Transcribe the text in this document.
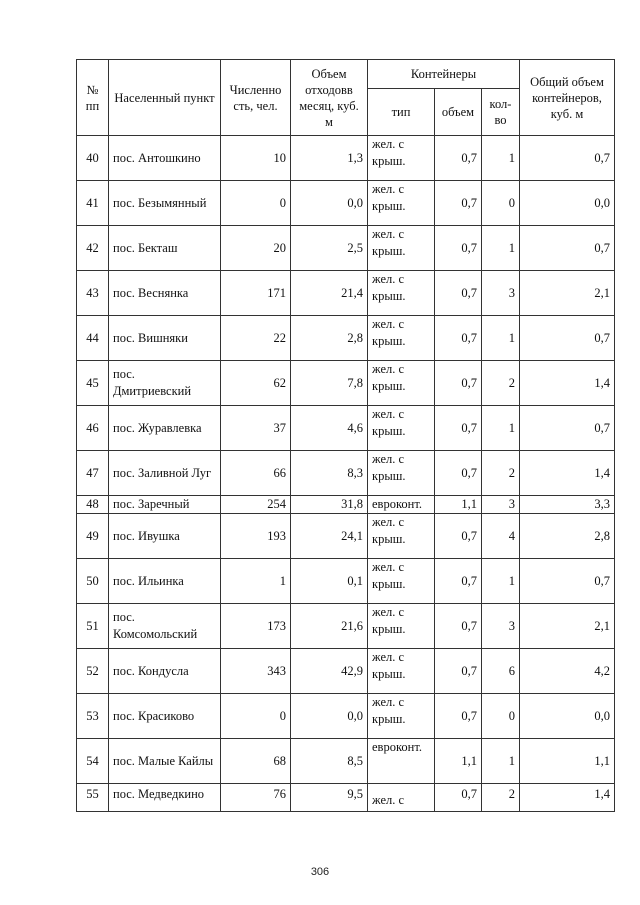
№ пп	Населенный пункт	Численно сть, чел.	Объем отходовв месяц, куб. м	Контейнеры			Общий объем контейнеров, куб. м
				тип	объем	кол-во	
40	пос. Антошкино	10	1,3	жел. с крыш.	0,7	1	0,7
41	пос. Безымянный	0	0,0	жел. с крыш.	0,7	0	0,0
42	пос. Бекташ	20	2,5	жел. с крыш.	0,7	1	0,7
43	пос. Веснянка	171	21,4	жел. с крыш.	0,7	3	2,1
44	пос. Вишняки	22	2,8	жел. с крыш.	0,7	1	0,7
45	пос. Дмитриевский	62	7,8	жел. с крыш.	0,7	2	1,4
46	пос. Журавлевка	37	4,6	жел. с крыш.	0,7	1	0,7
47	пос. Заливной Луг	66	8,3	жел. с крыш.	0,7	2	1,4
48	пос. Заречный	254	31,8	евроконт.	1,1	3	3,3
49	пос. Ивушка	193	24,1	жел. с крыш.	0,7	4	2,8
50	пос. Ильинка	1	0,1	жел. с крыш.	0,7	1	0,7
51	пос. Комсомольский	173	21,6	жел. с крыш.	0,7	3	2,1
52	пос. Кондусла	343	42,9	жел. с крыш.	0,7	6	4,2
53	пос. Красиково	0	0,0	жел. с крыш.	0,7	0	0,0
54	пос. Малые Кайлы	68	8,5	евроконт.	1,1	1	1,1
55	пос. Медведкино	76	9,5	жел. с	0,7	2	1,4
306
